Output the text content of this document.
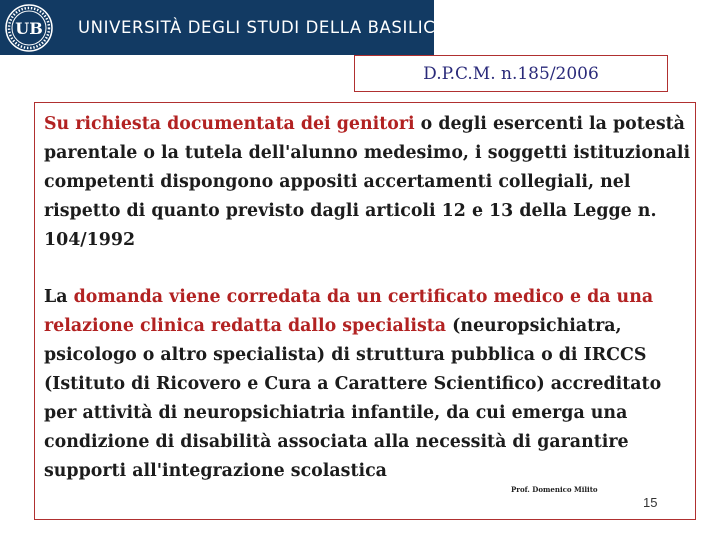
UB UNIVERSITÀ DEGLI STUDI DELLA BASILICATA
D.P.C.M. n.185/2006

Su richiesta documentata dei genitori o degli esercenti la potestà parentale o la tutela dell'alunno medesimo, i soggetti istituzionali competenti dispongono appositi accertamenti collegiali, nel rispetto di quanto previsto dagli articoli 12 e 13 della Legge n. 104/1992

La domanda viene corredata da un certificato medico e da una relazione clinica redatta dallo specialista (neuropsichiatra, psicologo o altro specialista) di struttura pubblica o di IRCCS (Istituto di Ricovero e Cura a Carattere Scientifico) accreditato per attività di neuropsichiatria infantile, da cui emerga una condizione di disabilità associata alla necessità di garantire supporti all'integrazione scolastica

Prof. Domenico Milito
15
